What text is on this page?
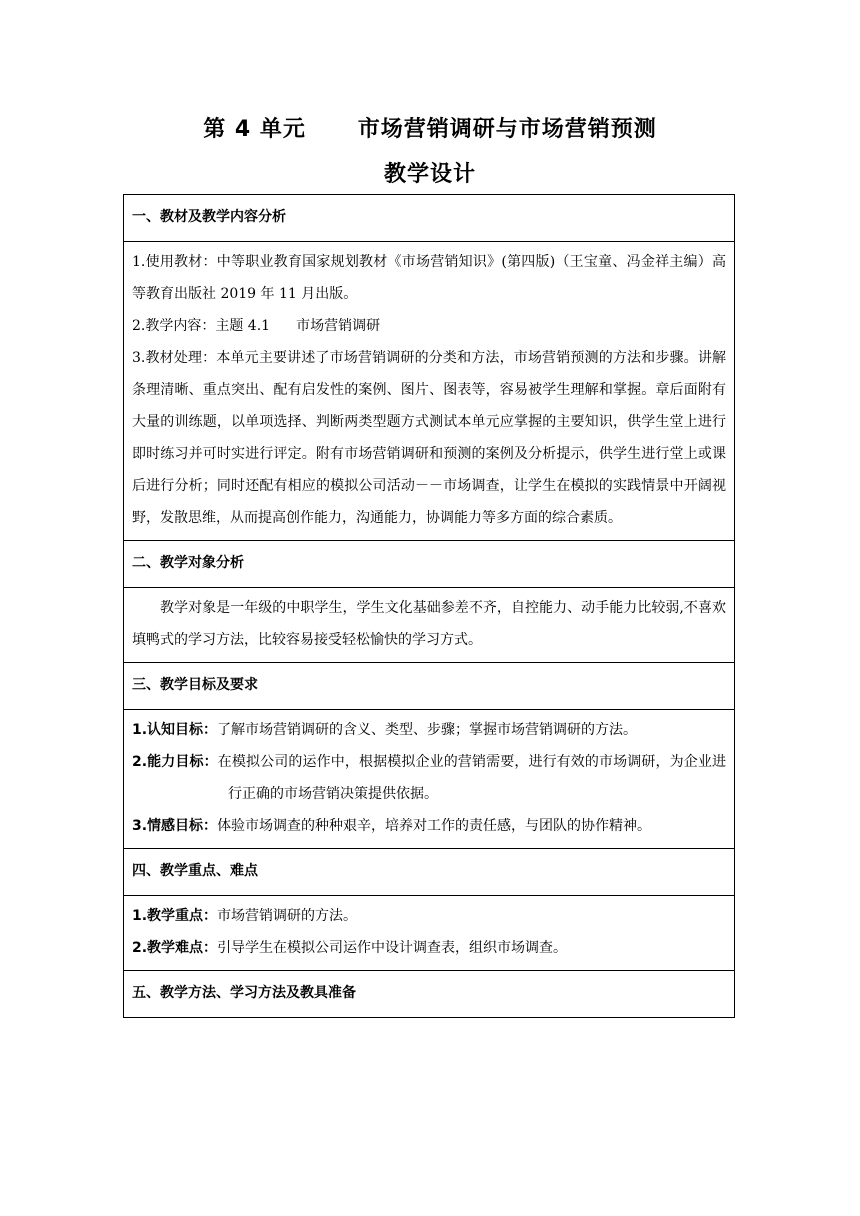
第 4 单元 市场营销调研与市场营销预测
教学设计
一、教材及教学内容分析

1.使用教材：中等职业教育国家规划教材《市场营销知识》(第四版)（王宝童、冯金祥主编）高等教育出版社 2019 年 11 月出版。

2.教学内容：主题 4.1 市场营销调研

3.教材处理：本单元主要讲述了市场营销调研的分类和方法，市场营销预测的方法和步骤。讲解条理清晰、重点突出、配有启发性的案例、图片、图表等，容易被学生理解和掌握。章后面附有大量的训练题，以单项选择、判断两类型题方式测试本单元应掌握的主要知识，供学生堂上进行即时练习并可时实进行评定。附有市场营销调研和预测的案例及分析提示，供学生进行堂上或课后进行分析；同时还配有相应的模拟公司活动－－市场调查，让学生在模拟的实践情景中开阔视野，发散思维，从而提高创作能力，沟通能力，协调能力等多方面的综合素质。

二、教学对象分析

教学对象是一年级的中职学生，学生文化基础参差不齐，自控能力、动手能力比较弱,不喜欢填鸭式的学习方法，比较容易接受轻松愉快的学习方式。

三、教学目标及要求

1.认知目标：了解市场营销调研的含义、类型、步骤；掌握市场营销调研的方法。

2.能力目标：在模拟公司的运作中，根据模拟企业的营销需要，进行有效的市场调研，为企业进行正确的市场营销决策提供依据。

3.情感目标：体验市场调查的种种艰辛，培养对工作的责任感，与团队的协作精神。

四、教学重点、难点

1.教学重点：市场营销调研的方法。

2.教学难点：引导学生在模拟公司运作中设计调查表，组织市场调查。

五、教学方法、学习方法及教具准备
